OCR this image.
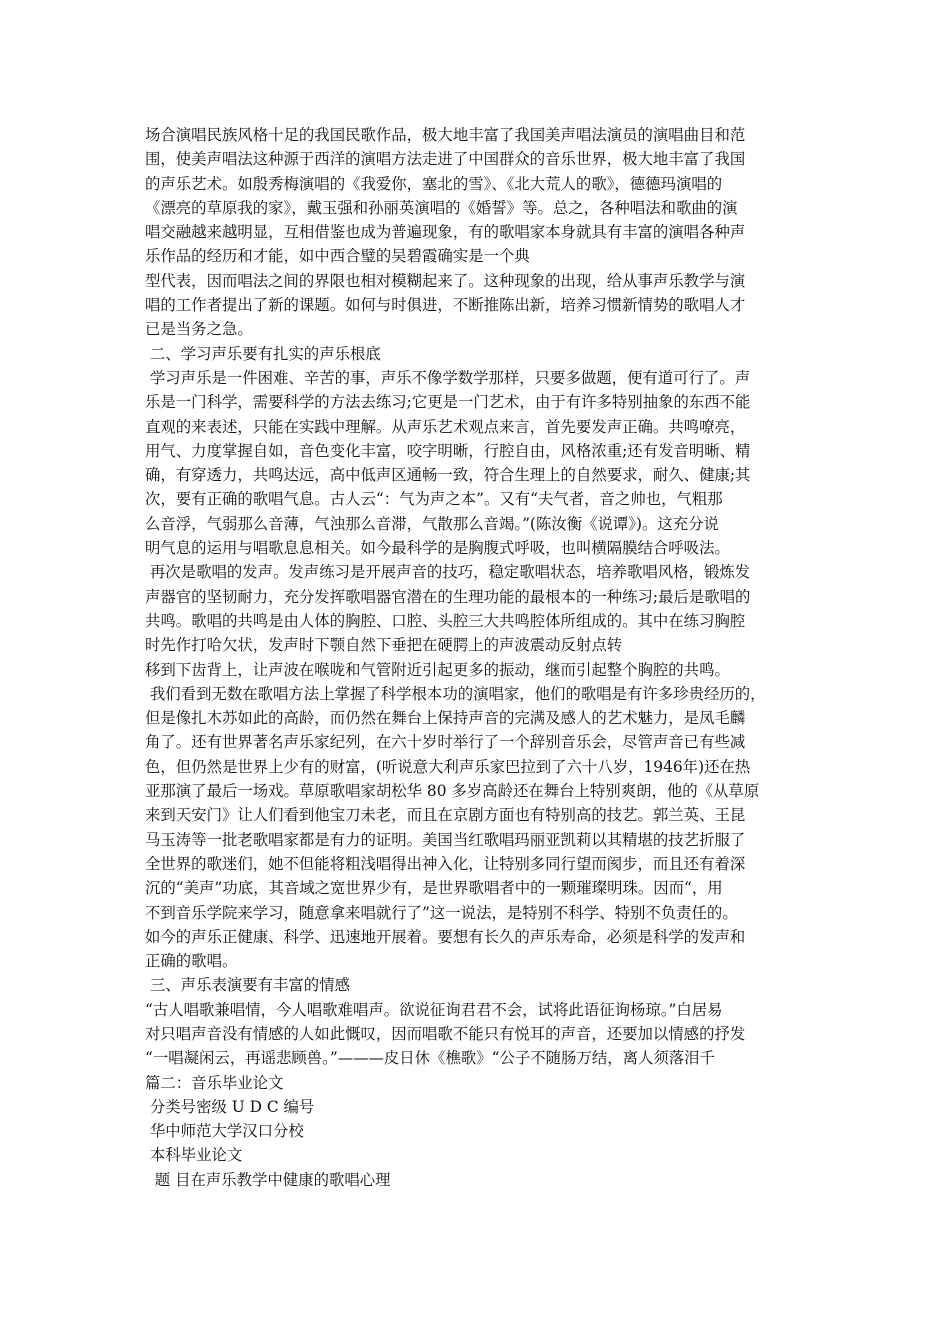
场合演唱民族风格十足的我国民歌作品，极大地丰富了我国美声唱法演员的演唱曲目和范
围，使美声唱法这种源于西洋的演唱方法走进了中国群众的音乐世界，极大地丰富了我国
的声乐艺术。如殷秀梅演唱的《我爱你，塞北的雪》、《北大荒人的歌》，德德玛演唱的
《漂亮的草原我的家》，戴玉强和孙丽英演唱的《婚誓》等。总之，各种唱法和歌曲的演
唱交融越来越明显，互相借鉴也成为普遍现象，有的歌唱家本身就具有丰富的演唱各种声
乐作品的经历和才能，如中西合璧的吴碧霞确实是一个典
型代表，因而唱法之间的界限也相对模糊起来了。这种现象的出现，给从事声乐教学与演
唱的工作者提出了新的课题。如何与时俱进，不断推陈出新，培养习惯新情势的歌唱人才
已是当务之急。
二、学习声乐要有扎实的声乐根底
学习声乐是一件困难、辛苦的事，声乐不像学数学那样，只要多做题，便有道可行了。声
乐是一门科学，需要科学的方法去练习;它更是一门艺术，由于有许多特别抽象的东西不能
直观的来表述，只能在实践中理解。从声乐艺术观点来言，首先要发声正确。共鸣嘹亮，
用气、力度掌握自如，音色变化丰富，咬字明晰，行腔自由，风格浓重;还有发音明晰、精
确，有穿透力，共鸣达远，高中低声区通畅一致，符合生理上的自然要求，耐久、健康;其
次，要有正确的歌唱气息。古人云“：气为声之本”。又有“夫气者，音之帅也，气粗那
么音浮，气弱那么音薄，气浊那么音滞，气散那么音竭。”(陈汝衡《说谭》)。这充分说
明气息的运用与唱歌息息相关。如今最科学的是胸腹式呼吸，也叫横隔膜结合呼吸法。
再次是歌唱的发声。发声练习是开展声音的技巧，稳定歌唱状态，培养歌唱风格，锻炼发
声器官的坚韧耐力，充分发挥歌唱器官潜在的生理功能的最根本的一种练习;最后是歌唱的
共鸣。歌唱的共鸣是由人体的胸腔、口腔、头腔三大共鸣腔体所组成的。其中在练习胸腔
时先作打哈欠状，发声时下颚自然下垂把在硬腭上的声波震动反射点转
移到下齿背上，让声波在喉咙和气管附近引起更多的振动，继而引起整个胸腔的共鸣。
我们看到无数在歌唱方法上掌握了科学根本功的演唱家，他们的歌唱是有许多珍贵经历的，
但是像扎木苏如此的高龄，而仍然在舞台上保持声音的完满及感人的艺术魅力，是凤毛麟
角了。还有世界著名声乐家纪列，在六十岁时举行了一个辞别音乐会，尽管声音已有些减
色，但仍然是世界上少有的财富，(听说意大利声乐家巴拉到了六十八岁，1946年)还在热
亚那演了最后一场戏。草原歌唱家胡松华 80 多岁高龄还在舞台上特别爽朗，他的《从草原
来到天安门》让人们看到他宝刀未老，而且在京剧方面也有特别高的技艺。郭兰英、王昆
马玉涛等一批老歌唱家都是有力的证明。美国当红歌唱玛丽亚凯莉以其精堪的技艺折服了
全世界的歌迷们，她不但能将粗浅唱得出神入化，让特别多同行望而阂步，而且还有着深
沉的“美声”功底，其音域之宽世界少有，是世界歌唱者中的一颗璀璨明珠。因而“，用
不到音乐学院来学习，随意拿来唱就行了”这一说法，是特别不科学、特别不负责任的。
如今的声乐正健康、科学、迅速地开展着。要想有长久的声乐寿命，必须是科学的发声和
正确的歌唱。
三、声乐表演要有丰富的情感
“古人唱歌兼唱情，今人唱歌难唱声。欲说征询君君不会，试将此语征询杨琼。”白居易
对只唱声音没有情感的人如此慨叹，因而唱歌不能只有悦耳的声音，还要加以情感的抒发
“一唱凝闲云，再谣悲顾兽。”———皮日休《樵歌》“公子不随肠万结，离人须落泪千
篇二：音乐毕业论文
分类号密级 U D C 编号
华中师范大学汉口分校
本科毕业论文
题 目在声乐教学中健康的歌唱心理
